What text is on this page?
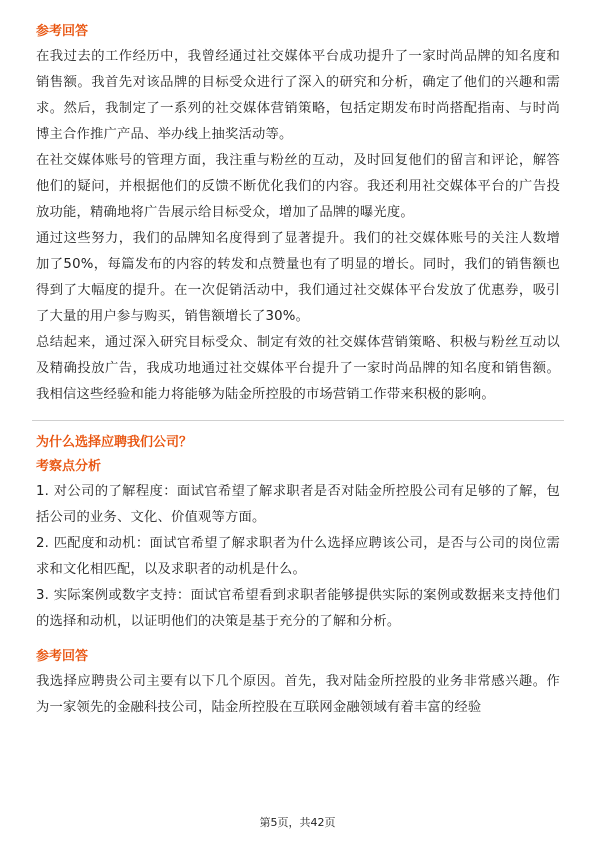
参考回答

在我过去的工作经历中，我曾经通过社交媒体平台成功提升了一家时尚品牌的知名度和销售额。我首先对该品牌的目标受众进行了深入的研究和分析，确定了他们的兴趣和需求。然后，我制定了一系列的社交媒体营销策略，包括定期发布时尚搭配指南、与时尚博主合作推广产品、举办线上抽奖活动等。

在社交媒体账号的管理方面，我注重与粉丝的互动，及时回复他们的留言和评论，解答他们的疑问，并根据他们的反馈不断优化我们的内容。我还利用社交媒体平台的广告投放功能，精确地将广告展示给目标受众，增加了品牌的曝光度。

通过这些努力，我们的品牌知名度得到了显著提升。我们的社交媒体账号的关注人数增加了50%，每篇发布的内容的转发和点赞量也有了明显的增长。同时，我们的销售额也得到了大幅度的提升。在一次促销活动中，我们通过社交媒体平台发放了优惠券，吸引了大量的用户参与购买，销售额增长了30%。

总结起来，通过深入研究目标受众、制定有效的社交媒体营销策略、积极与粉丝互动以及精确投放广告，我成功地通过社交媒体平台提升了一家时尚品牌的知名度和销售额。我相信这些经验和能力将能够为陆金所控股的市场营销工作带来积极的影响。

为什么选择应聘我们公司？
考察点分析

1. 对公司的了解程度：面试官希望了解求职者是否对陆金所控股公司有足够的了解，包括公司的业务、文化、价值观等方面。

2. 匹配度和动机：面试官希望了解求职者为什么选择应聘该公司，是否与公司的岗位需求和文化相匹配，以及求职者的动机是什么。

3. 实际案例或数字支持：面试官希望看到求职者能够提供实际的案例或数据来支持他们的选择和动机，以证明他们的决策是基于充分的了解和分析。

参考回答

我选择应聘贵公司主要有以下几个原因。首先，我对陆金所控股的业务非常感兴趣。作为一家领先的金融科技公司，陆金所控股在互联网金融领域有着丰富的经验

第5页，共42页
